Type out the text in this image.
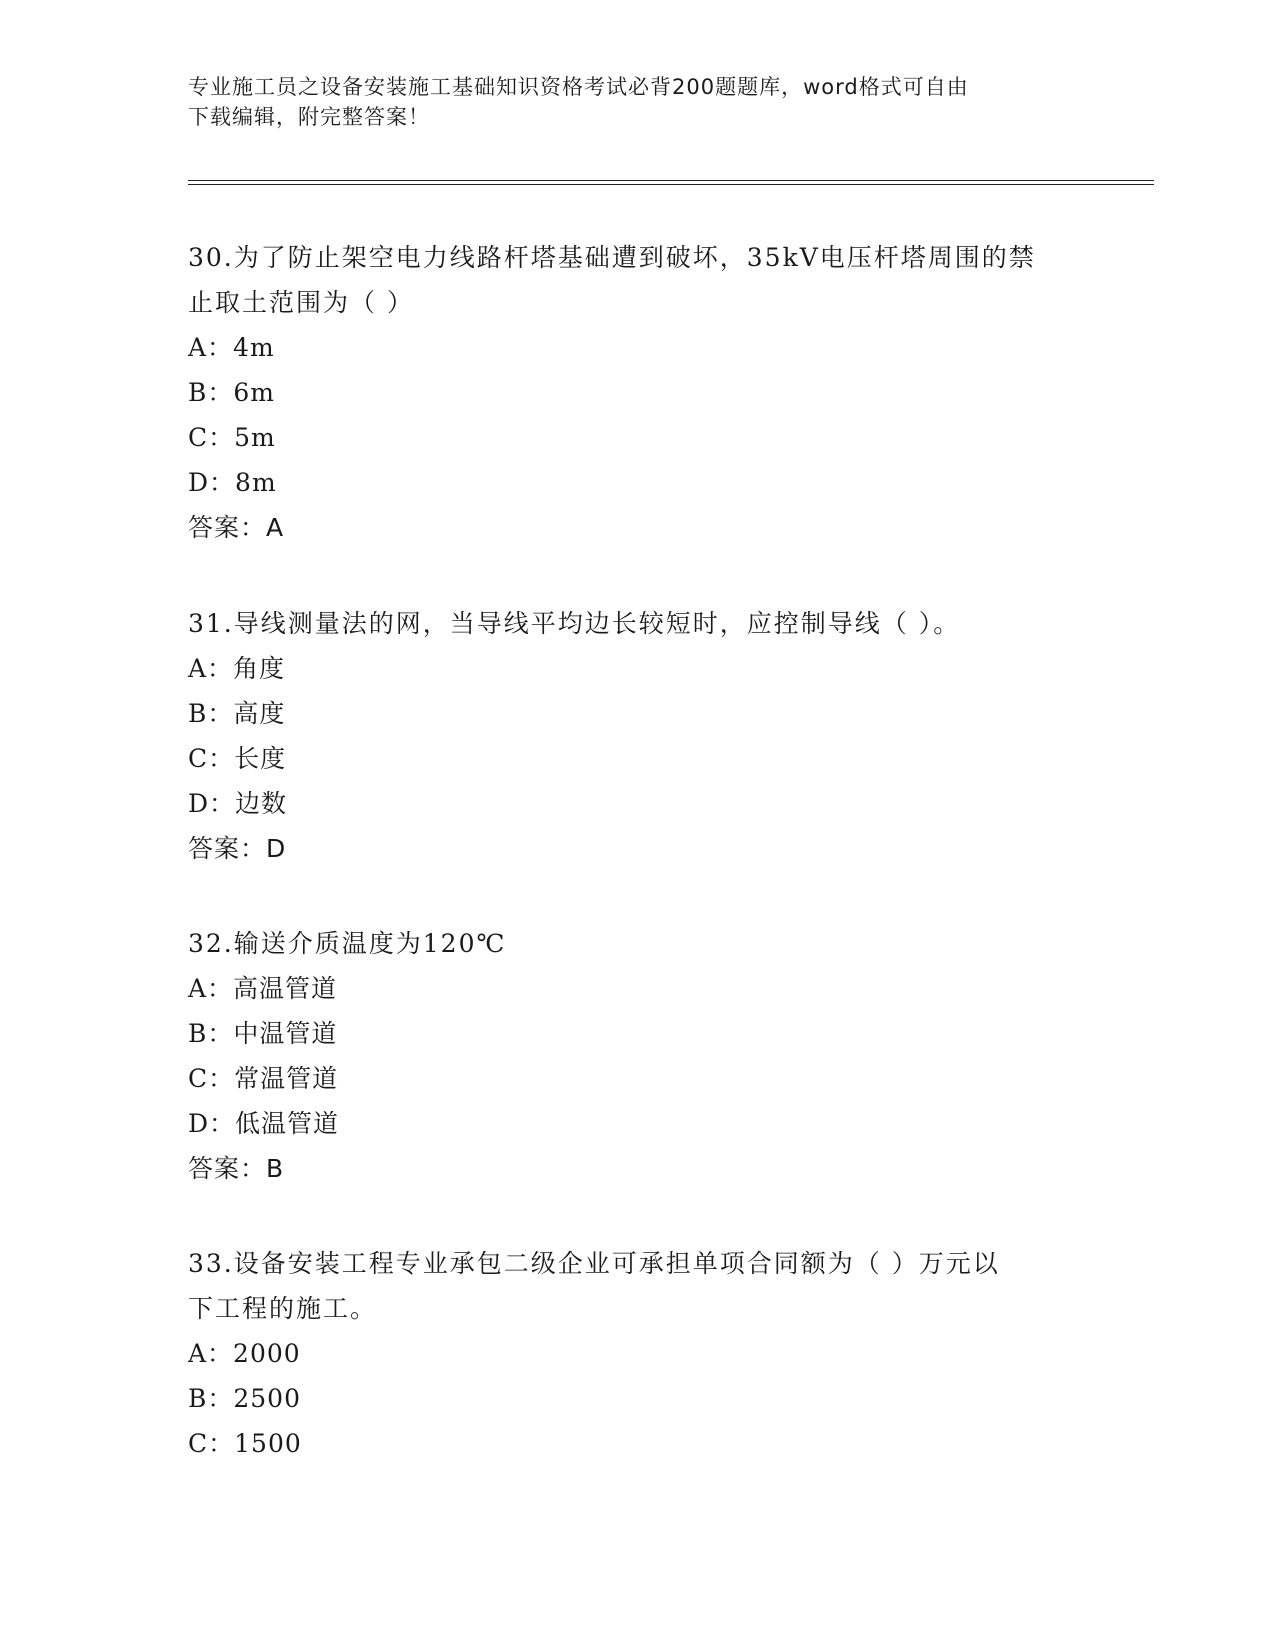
专业施工员之设备安装施工基础知识资格考试必背200题题库，word格式可自由
下载编辑，附完整答案！
30.为了防止架空电力线路杆塔基础遭到破坏，35kV电压杆塔周围的禁
止取土范围为（ ）
A：4m
B：6m
C：5m
D：8m
答案：A
31.导线测量法的网，当导线平均边长较短时，应控制导线（ ）。
A：角度
B：高度
C：长度
D：边数
答案：D
32.输送介质温度为120℃
A：高温管道
B：中温管道
C：常温管道
D：低温管道
答案：B
33.设备安装工程专业承包二级企业可承担单项合同额为（ ）万元以
下工程的施工。
A：2000
B：2500
C：1500
